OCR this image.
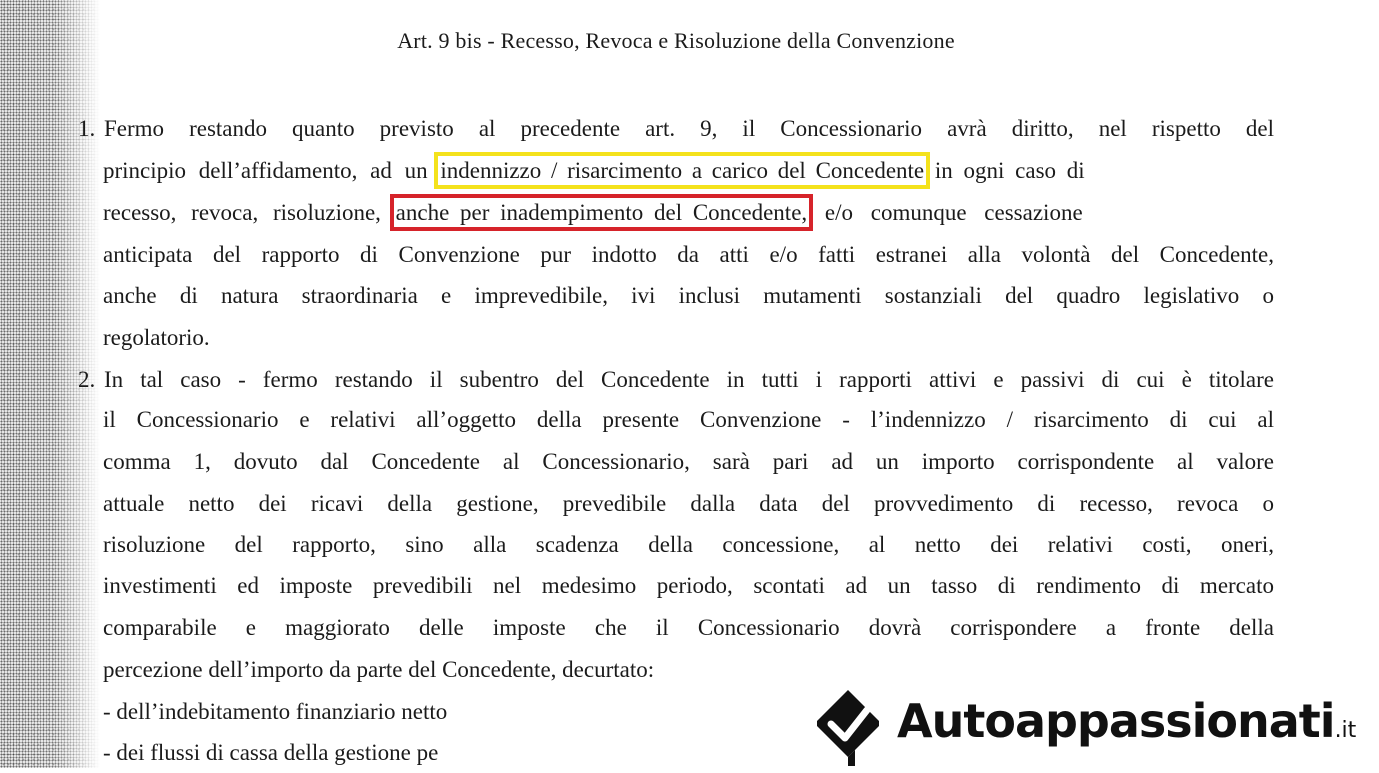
Art. 9 bis - Recesso, Revoca e Risoluzione della Convenzione
1. Fermo restando quanto previsto al precedente art. 9, il Concessionario avrà diritto, nel rispetto del
principio dell’affidamento, ad un indennizzo / risarcimento a carico del Concedente in ogni caso di
recesso, revoca, risoluzione, anche per inadempimento del Concedente, e/o comunque cessazione
anticipata del rapporto di Convenzione pur indotto da atti e/o fatti estranei alla volontà del Concedente,
anche di natura straordinaria e imprevedibile, ivi inclusi mutamenti sostanziali del quadro legislativo o
regolatorio.
2. In tal caso - fermo restando il subentro del Concedente in tutti i rapporti attivi e passivi di cui è titolare
il Concessionario e relativi all’oggetto della presente Convenzione - l’indennizzo / risarcimento di cui al
comma 1, dovuto dal Concedente al Concessionario, sarà pari ad un importo corrispondente al valore
attuale netto dei ricavi della gestione, prevedibile dalla data del provvedimento di recesso, revoca o
risoluzione del rapporto, sino alla scadenza della concessione, al netto dei relativi costi, oneri,
investimenti ed imposte prevedibili nel medesimo periodo, scontati ad un tasso di rendimento di mercato
comparabile e maggiorato delle imposte che il Concessionario dovrà corrispondere a fronte della
percezione dell’importo da parte del Concedente, decurtato:
- dell’indebitamento finanziario netto
- dei flussi di cassa della gestione pe
Autoappassionati.it
